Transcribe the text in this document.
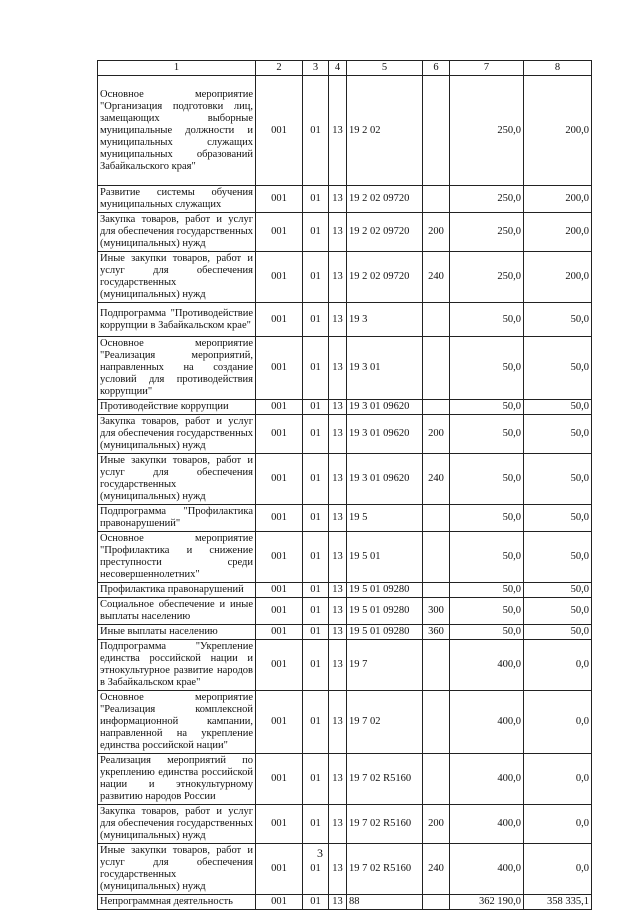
1	2	3	4	5	6	7	8
Основное мероприятие "Организация подготовки лиц, замещающих выборные муниципальные должности и муниципальных служащих муниципальных образований Забайкальского края"	001	01	13	19 2 02		250,0	200,0
Развитие системы обучения муниципальных служащих	001	01	13	19 2 02 09720		250,0	200,0
Закупка товаров, работ и услуг для обеспечения государственных (муниципальных) нужд	001	01	13	19 2 02 09720	200	250,0	200,0
Иные закупки товаров, работ и услуг для обеспечения государственных (муниципальных) нужд	001	01	13	19 2 02 09720	240	250,0	200,0
Подпрограмма "Противодействие коррупции в Забайкальском крае"	001	01	13	19 3		50,0	50,0
Основное мероприятие "Реализация мероприятий, направленных на создание условий для противодействия коррупции"	001	01	13	19 3 01		50,0	50,0
Противодействие коррупции	001	01	13	19 3 01 09620		50,0	50,0
Закупка товаров, работ и услуг для обеспечения государственных (муниципальных) нужд	001	01	13	19 3 01 09620	200	50,0	50,0
Иные закупки товаров, работ и услуг для обеспечения государственных (муниципальных) нужд	001	01	13	19 3 01 09620	240	50,0	50,0
Подпрограмма "Профилактика правонарушений"	001	01	13	19 5		50,0	50,0
Основное мероприятие "Профилактика и снижение преступности среди несовершеннолетних"	001	01	13	19 5 01		50,0	50,0
Профилактика правонарушений	001	01	13	19 5 01 09280		50,0	50,0
Социальное обеспечение и иные выплаты населению	001	01	13	19 5 01 09280	300	50,0	50,0
Иные выплаты населению	001	01	13	19 5 01 09280	360	50,0	50,0
Подпрограмма "Укрепление единства российской нации и этнокультурное развитие народов в Забайкальском крае"	001	01	13	19 7		400,0	0,0
Основное мероприятие "Реализация комплексной информационной кампании, направленной на укрепление единства российской нации"	001	01	13	19 7 02		400,0	0,0
Реализация мероприятий по укреплению единства российской нации и этнокультурному развитию народов России	001	01	13	19 7 02 R5160		400,0	0,0
Закупка товаров, работ и услуг для обеспечения государственных (муниципальных) нужд	001	01	13	19 7 02 R5160	200	400,0	0,0
Иные закупки товаров, работ и услуг для обеспечения государственных (муниципальных) нужд	001	01	13	19 7 02 R5160	240	400,0	0,0
Непрограммная деятельность	001	01	13	88		362 190,0	358 335,1
3
